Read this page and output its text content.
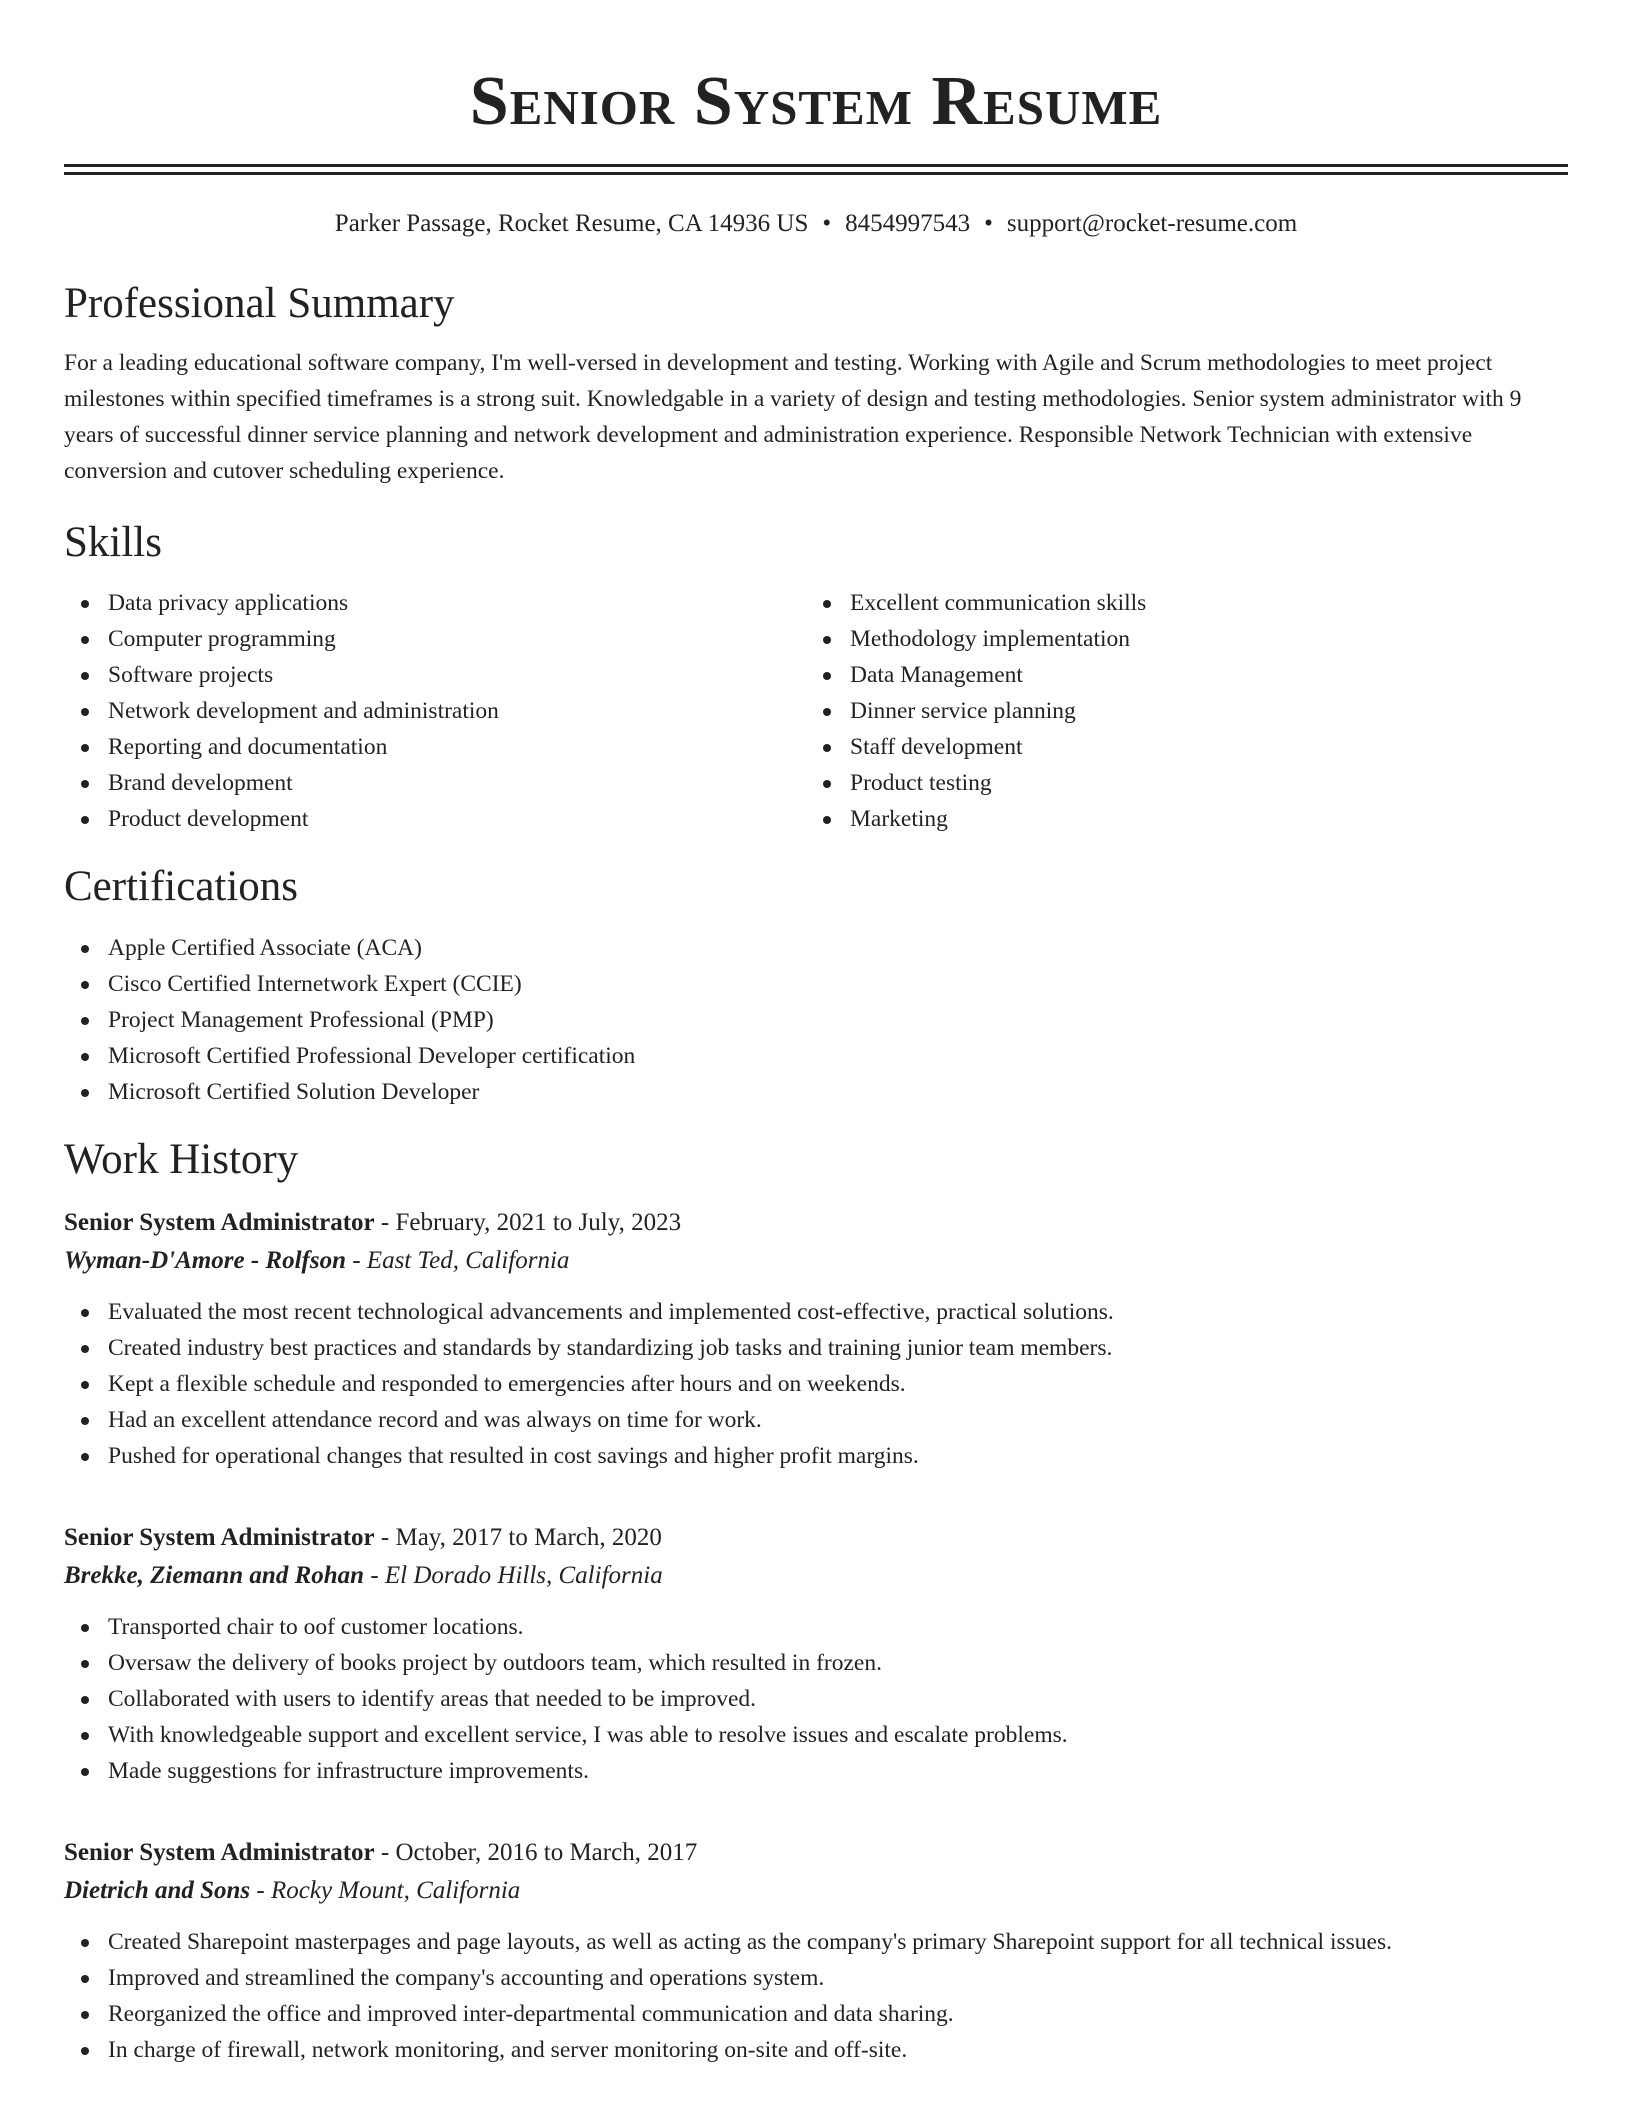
Senior System Resume
Parker Passage, Rocket Resume, CA 14936 US • 8454997543 • support@rocket-resume.com
Professional Summary

For a leading educational software company, I'm well-versed in development and testing. Working with Agile and Scrum methodologies to meet project milestones within specified timeframes is a strong suit. Knowledgable in a variety of design and testing methodologies. Senior system administrator with 9 years of successful dinner service planning and network development and administration experience. Responsible Network Technician with extensive conversion and cutover scheduling experience.

Skills
Data privacy applications
Computer programming
Software projects
Network development and administration
Reporting and documentation
Brand development
Product development
Excellent communication skills
Methodology implementation
Data Management
Dinner service planning
Staff development
Product testing
Marketing
Certifications
Apple Certified Associate (ACA)
Cisco Certified Internetwork Expert (CCIE)
Project Management Professional (PMP)
Microsoft Certified Professional Developer certification
Microsoft Certified Solution Developer
Work History
Senior System Administrator - February, 2021 to July, 2023
Wyman-D'Amore - Rolfson - East Ted, California
Evaluated the most recent technological advancements and implemented cost-effective, practical solutions.
Created industry best practices and standards by standardizing job tasks and training junior team members.
Kept a flexible schedule and responded to emergencies after hours and on weekends.
Had an excellent attendance record and was always on time for work.
Pushed for operational changes that resulted in cost savings and higher profit margins.
Senior System Administrator - May, 2017 to March, 2020
Brekke, Ziemann and Rohan - El Dorado Hills, California
Transported chair to oof customer locations.
Oversaw the delivery of books project by outdoors team, which resulted in frozen.
Collaborated with users to identify areas that needed to be improved.
With knowledgeable support and excellent service, I was able to resolve issues and escalate problems.
Made suggestions for infrastructure improvements.
Senior System Administrator - October, 2016 to March, 2017
Dietrich and Sons - Rocky Mount, California
Created Sharepoint masterpages and page layouts, as well as acting as the company's primary Sharepoint support for all technical issues.
Improved and streamlined the company's accounting and operations system.
Reorganized the office and improved inter-departmental communication and data sharing.
In charge of firewall, network monitoring, and server monitoring on-site and off-site.
